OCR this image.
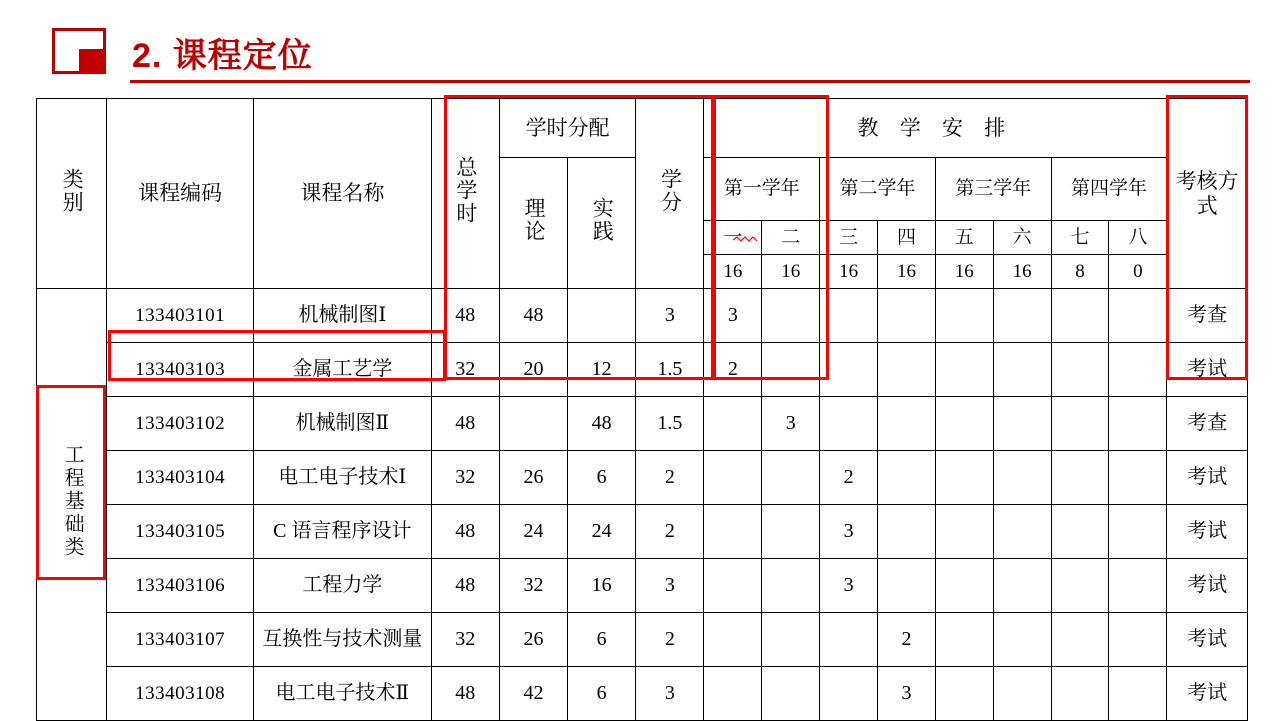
2. 课程定位
类别	课程编码	课程名称	总学时	学时分配		学分	教 学 安 排								考核方式
				理论	实践		第一学年		第二学年		第三学年		第四学年		
							一	二	三	四	五	六	七	八	
							16	16	16	16	16	16	8	0	
工程基础类	133403101	机械制图Ⅰ	48	48		3	3								考查
	133403103	金属工艺学	32	20	12	1.5	2								考试
	133403102	机械制图Ⅱ	48		48	1.5		3							考查
	133403104	电工电子技术Ⅰ	32	26	6	2			2						考试
	133403105	C 语言程序设计	48	24	24	2			3						考试
	133403106	工程力学	48	32	16	3			3						考试
	133403107	互换性与技术测量	32	26	6	2				2					考试
	133403108	电工电子技术Ⅱ	48	42	6	3				3					考试
